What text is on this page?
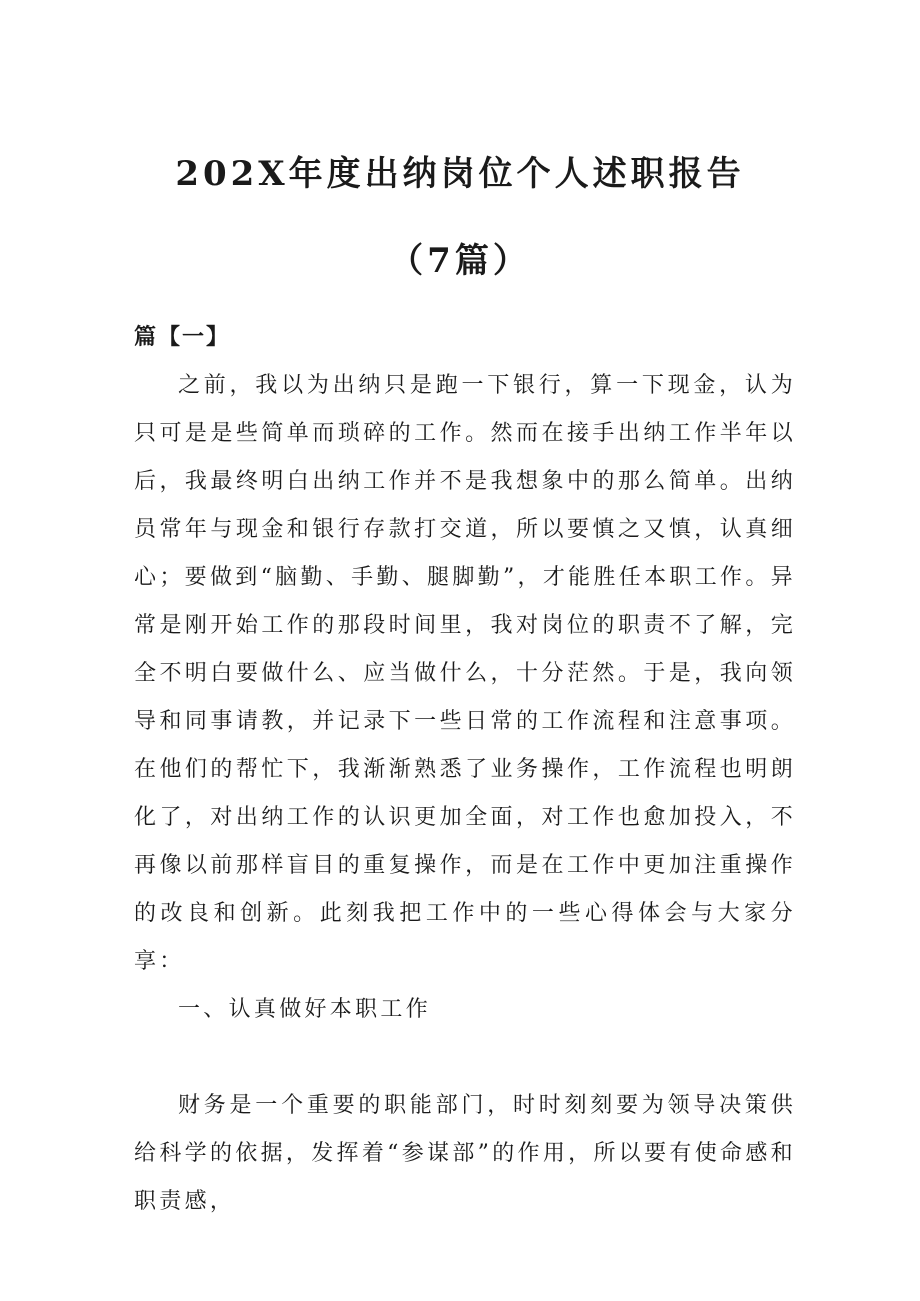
202X年度出纳岗位个人述职报告
（7篇）
篇【一】

之前，我以为出纳只是跑一下银行，算一下现金，认为只可是是些简单而琐碎的工作。然而在接手出纳工作半年以后，我最终明白出纳工作并不是我想象中的那么简单。出纳员常年与现金和银行存款打交道，所以要慎之又慎，认真细心；要做到“脑勤、手勤、腿脚勤”，才能胜任本职工作。异常是刚开始工作的那段时间里，我对岗位的职责不了解，完全不明白要做什么、应当做什么，十分茫然。于是，我向领导和同事请教，并记录下一些日常的工作流程和注意事项。在他们的帮忙下，我渐渐熟悉了业务操作，工作流程也明朗化了，对出纳工作的认识更加全面，对工作也愈加投入，不再像以前那样盲目的重复操作，而是在工作中更加注重操作的改良和创新。此刻我把工作中的一些心得体会与大家分享：

一、认真做好本职工作

财务是一个重要的职能部门，时时刻刻要为领导决策供给科学的依据，发挥着“参谋部”的作用，所以要有使命感和职责感，
